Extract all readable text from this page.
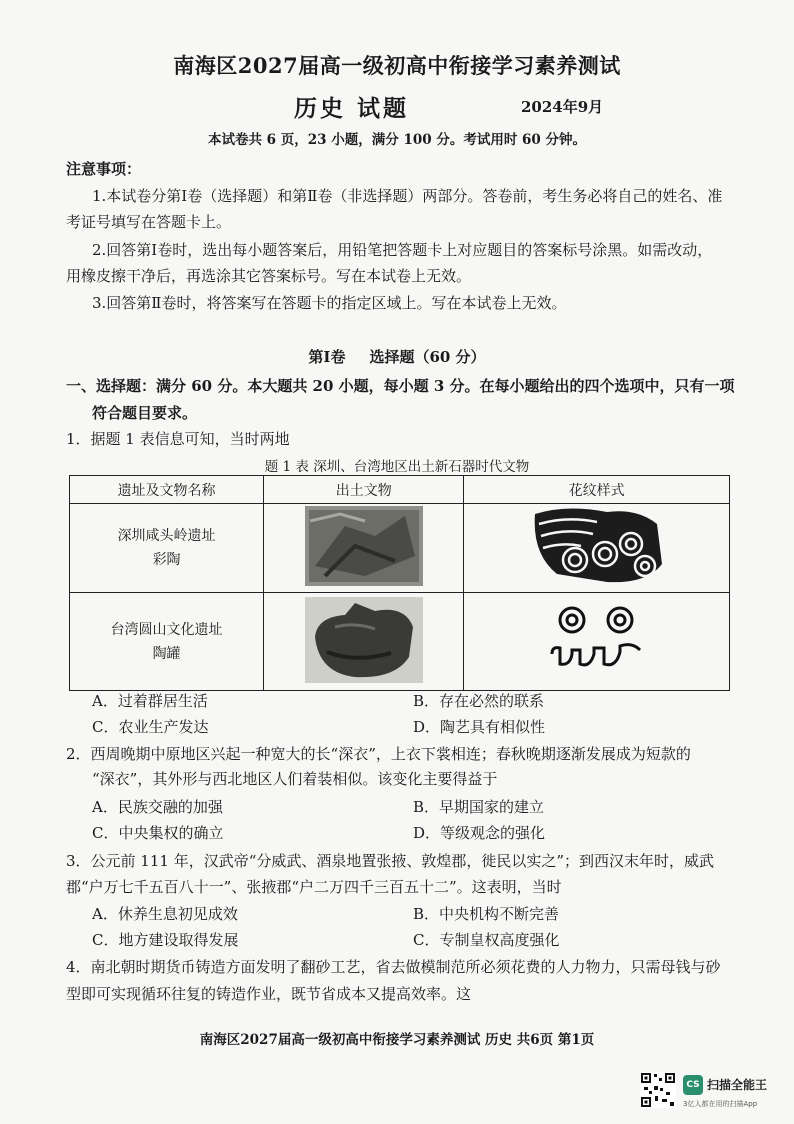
南海区2027届高一级初高中衔接学习素养测试
历史 试题	2024年9月
本试卷共 6 页，23 小题，满分 100 分。考试用时 60 分钟。
注意事项：
1.本试卷分第Ⅰ卷（选择题）和第Ⅱ卷（非选择题）两部分。答卷前，考生务必将自己的姓名、准
考证号填写在答题卡上。
2.回答第Ⅰ卷时，选出每小题答案后，用铅笔把答题卡上对应题目的答案标号涂黑。如需改动，
用橡皮擦干净后，再选涂其它答案标号。写在本试卷上无效。
3.回答第Ⅱ卷时，将答案写在答题卡的指定区域上。写在本试卷上无效。
第Ⅰ卷 选择题（60 分）
一、选择题：满分 60 分。本大题共 20 小题，每小题 3 分。在每小题给出的四个选项中，只有一项
符合题目要求。
1．据题 1 表信息可知，当时两地
题 1 表 深圳、台湾地区出土新石器时代文物
遗址及文物名称	出土文物	花纹样式

深圳咸头岭遗址
彩陶

台湾圆山文化遗址
陶罐

A．过着群居生活	B．存在必然的联系
C．农业生产发达	D．陶艺具有相似性
2．西周晚期中原地区兴起一种宽大的长“深衣”，上衣下裳相连；春秋晚期逐渐发展成为短款的
“深衣”，其外形与西北地区人们着装相似。该变化主要得益于
A．民族交融的加强	B．早期国家的建立
C．中央集权的确立	D．等级观念的强化
3．公元前 111 年，汉武帝“分威武、酒泉地置张掖、敦煌郡，徙民以实之”；到西汉末年时，威武
郡“户万七千五百八十一”、张掖郡“户二万四千三百五十二”。这表明，当时
A．休养生息初见成效	B．中央机构不断完善
C．地方建设取得发展	C．专制皇权高度强化
4．南北朝时期货币铸造方面发明了翻砂工艺，省去做模制范所必须花费的人力物力，只需母钱与砂
型即可实现循环往复的铸造作业，既节省成本又提高效率。这
南海区2027届高一级初高中衔接学习素养测试 历史 共6页 第1页
CS 扫描全能王
3亿人都在用的扫描App
